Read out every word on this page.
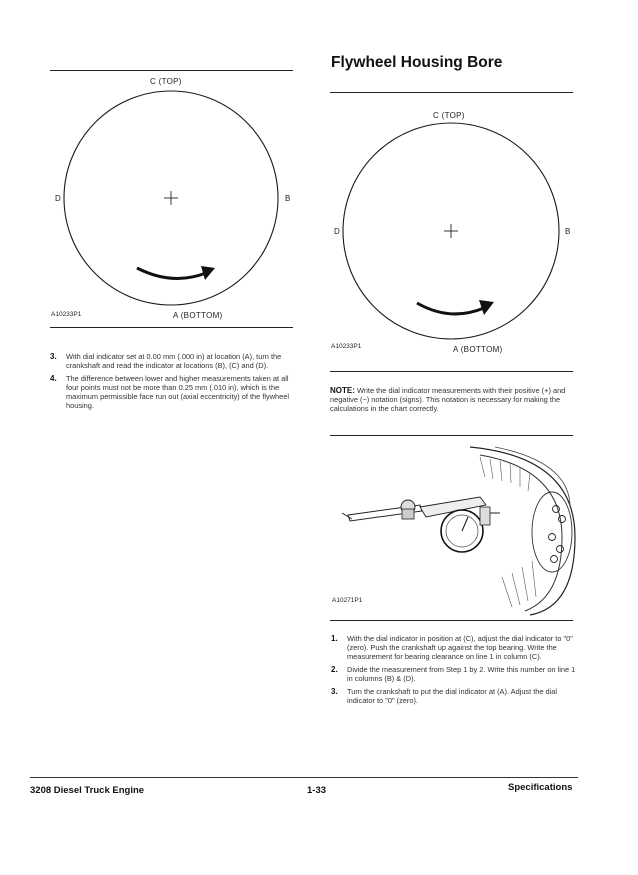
C (TOP)
D	B
A10233P1	A (BOTTOM)
3. With dial indicator set at 0.00 mm (.000 in) at location (A), turn the crankshaft and read the indicator at locations (B), (C) and (D).
4. The difference between lower and higher measurements taken at all four points must not be more than 0.25 mm (.010 in), which is the maximum permissible face run out (axial eccentricity) of the flywheel housing.
Flywheel Housing Bore
C (TOP)
D	B
A10233P1	A (BOTTOM)
NOTE: Write the dial indicator measurements with their positive (+) and negative (−) notation (signs). This notation is necessary for making the calculations in the chart correctly.
A10271P1
1. With the dial indicator in position at (C), adjust the dial indicator to "0" (zero). Push the crankshaft up against the top bearing. Write the measurement for bearing clearance on line 1 in column (C).
2. Divide the measurement from Step 1 by 2. Write this number on line 1 in columns (B) & (D).
3. Turn the crankshaft to put the dial indicator at (A). Adjust the dial indicator to "0" (zero).
3208 Diesel Truck Engine	1-33	Specifications
